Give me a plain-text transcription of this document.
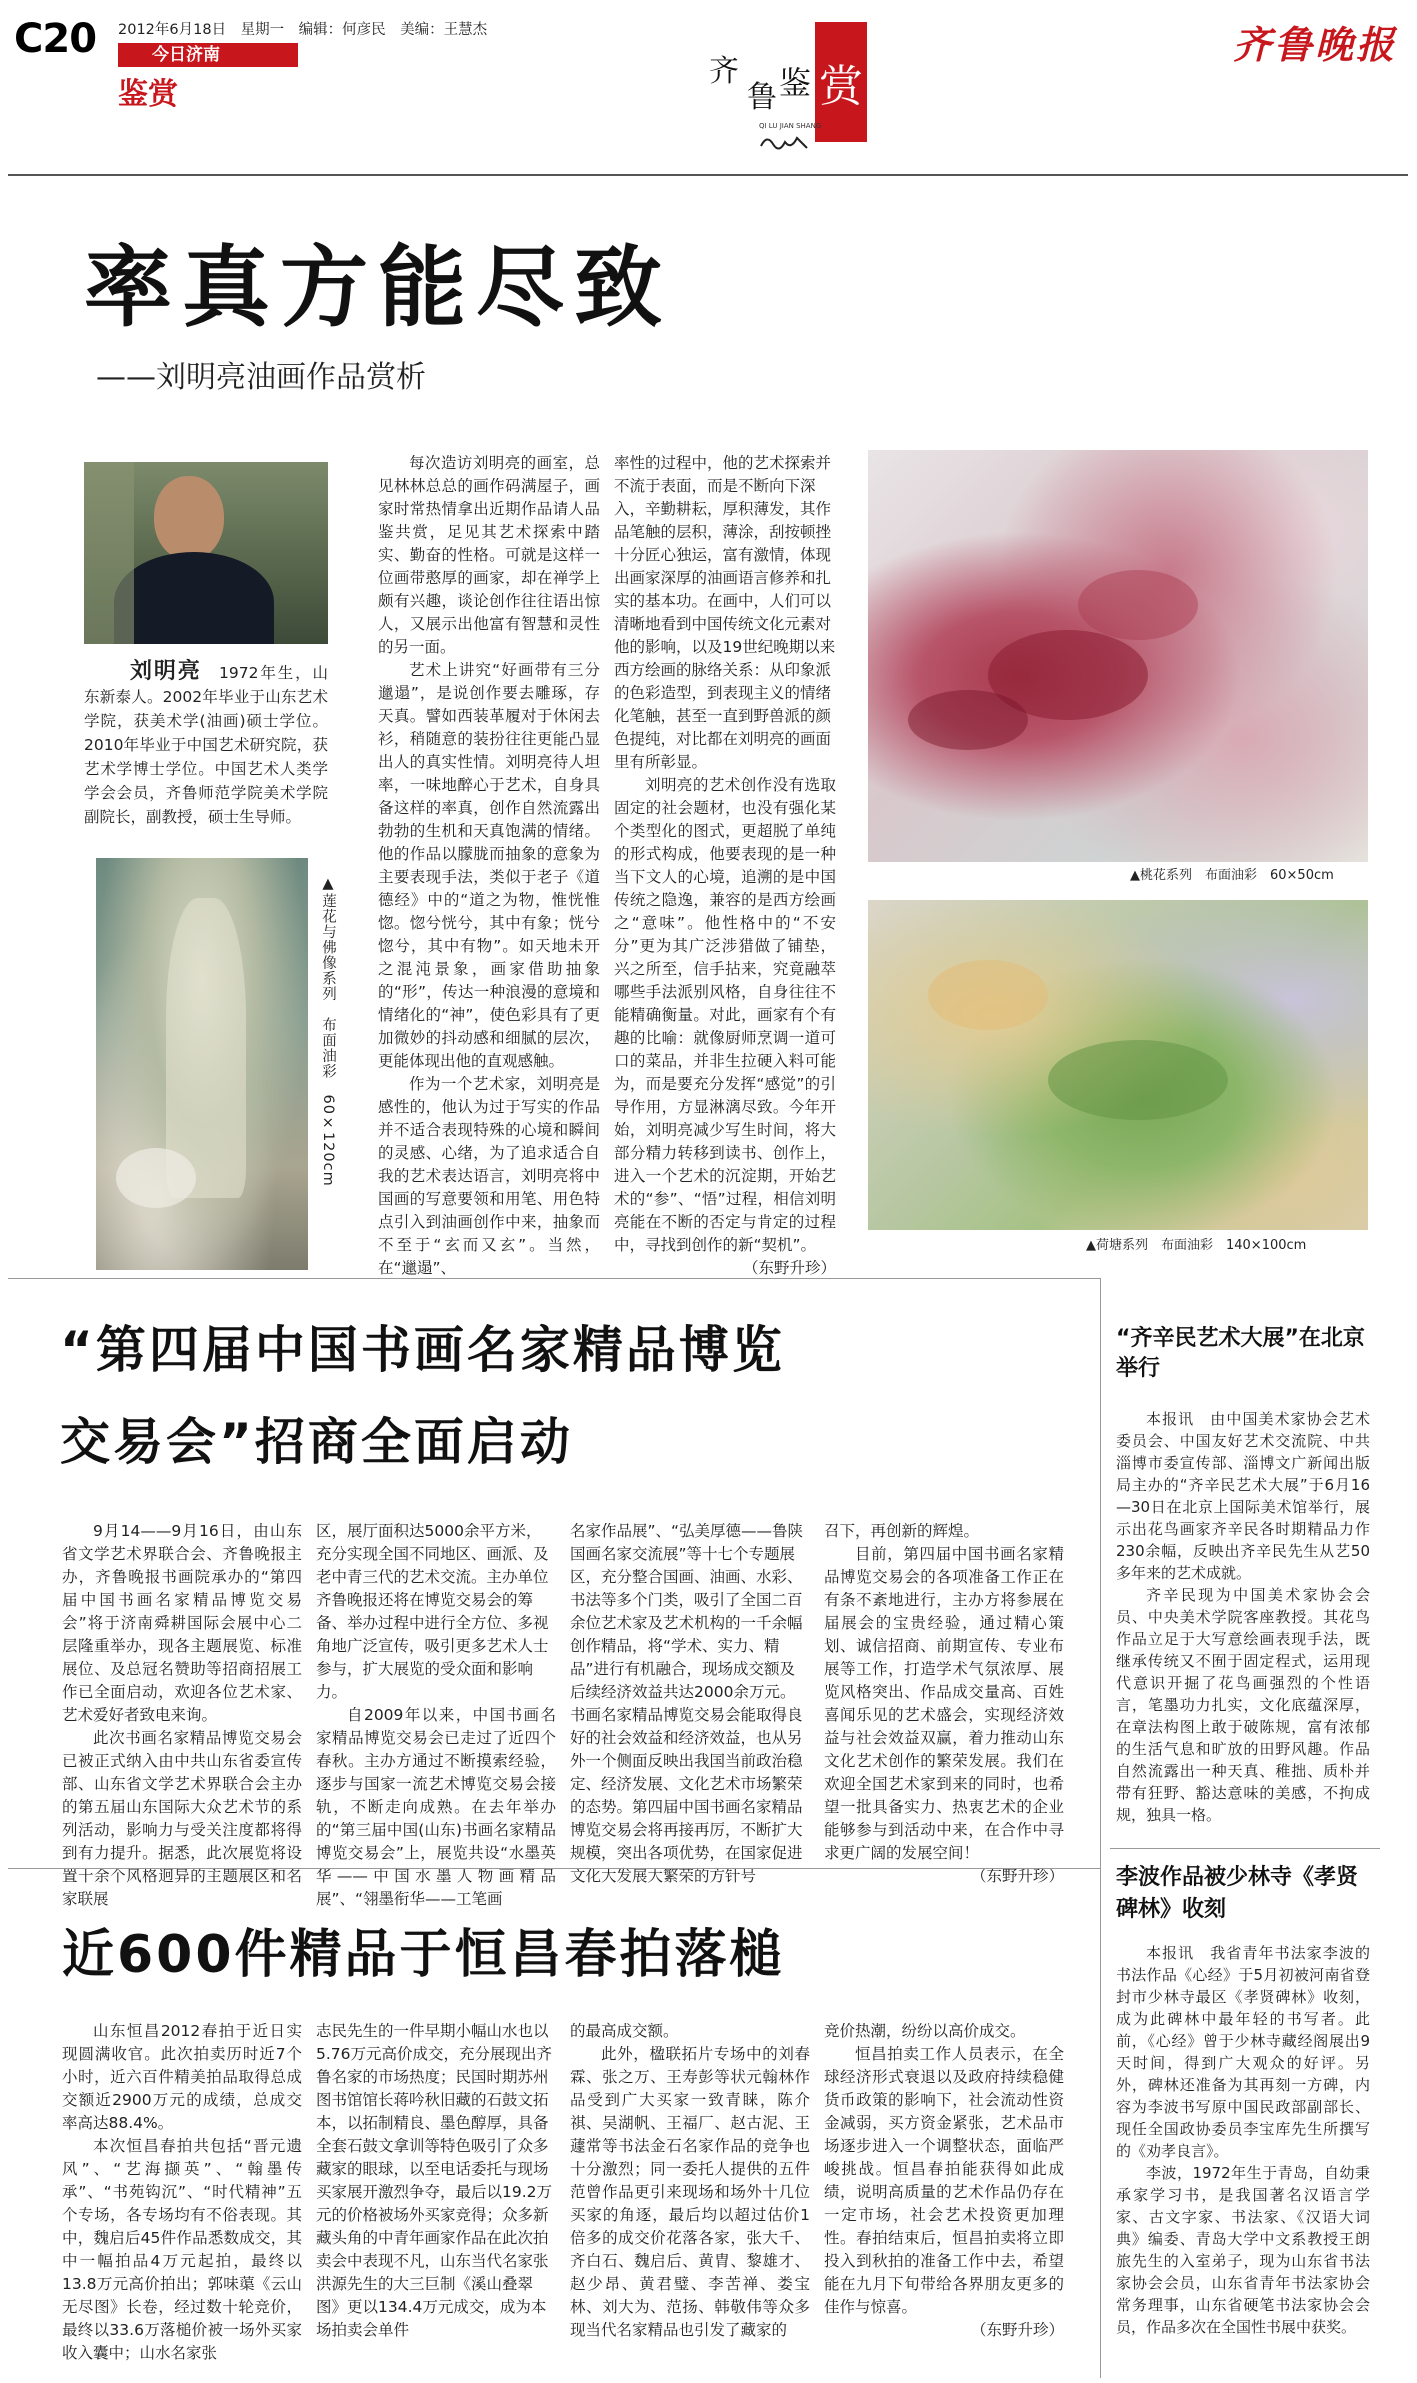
C20 2012年6月18日　星期一　编辑：何彦民　美编：王慧杰
今日济南
鉴赏
齐
鲁 鉴 赏
QI LU JIAN SHANG
齐鲁晚报
率真方能尽致
——刘明亮油画作品赏析
刘明亮　1972年生，山东新泰人。2002年毕业于山东艺术学院，获美术学(油画)硕士学位。2010年毕业于中国艺术研究院，获艺术学博士学位。中国艺术人类学学会会员，齐鲁师范学院美术学院副院长，副教授，硕士生导师。
▲莲花与佛像系列　布面油彩　60×120cm

每次造访刘明亮的画室，总见林林总总的画作码满屋子，画家时常热情拿出近期作品请人品鉴共赏，足见其艺术探索中踏实、勤奋的性格。可就是这样一位画带憨厚的画家，却在禅学上颇有兴趣，谈论创作往往语出惊人，又展示出他富有智慧和灵性的另一面。

艺术上讲究“好画带有三分邋遢”，是说创作要去雕琢，存天真。譬如西装革履对于休闲去衫，稍随意的装扮往往更能凸显出人的真实性情。刘明亮待人坦率，一味地醉心于艺术，自身具备这样的率真，创作自然流露出勃勃的生机和天真饱满的情绪。他的作品以朦胧而抽象的意象为主要表现手法，类似于老子《道德经》中的“道之为物，惟恍惟惚。惚兮恍兮，其中有象；恍兮惚兮，其中有物”。如天地未开之混沌景象，画家借助抽象的“形”，传达一种浪漫的意境和情绪化的“神”，使色彩具有了更加微妙的抖动感和细腻的层次，更能体现出他的直观感触。

作为一个艺术家，刘明亮是感性的，他认为过于写实的作品并不适合表现特殊的心境和瞬间的灵感、心绪，为了追求适合自我的艺术表达语言，刘明亮将中国画的写意要领和用笔、用色特点引入到油画创作中来，抽象而不至于“玄而又玄”。当然，在“邋遢”、

率性的过程中，他的艺术探索并不流于表面，而是不断向下深入，辛勤耕耘，厚积薄发，其作品笔触的层积，薄涂，刮按顿挫十分匠心独运，富有激情，体现出画家深厚的油画语言修养和扎实的基本功。在画中，人们可以清晰地看到中国传统文化元素对他的影响，以及19世纪晚期以来西方绘画的脉络关系：从印象派的色彩造型，到表现主义的情绪化笔触，甚至一直到野兽派的颜色提纯，对比都在刘明亮的画面里有所彰显。

刘明亮的艺术创作没有选取固定的社会题材，也没有强化某个类型化的图式，更超脱了单纯的形式构成，他要表现的是一种当下文人的心境，追溯的是中国传统之隐逸，兼容的是西方绘画之“意味”。他性格中的“不安分”更为其广泛涉猎做了铺垫，兴之所至，信手拈来，究竟融萃哪些手法派别风格，自身往往不能精确衡量。对此，画家有个有趣的比喻：就像厨师烹调一道可口的菜品，并非生拉硬入料可能为，而是要充分发挥“感觉”的引导作用，方显淋漓尽致。今年开始，刘明亮减少写生时间，将大部分精力转移到读书、创作上，进入一个艺术的沉淀期，开始艺术的“参”、“悟”过程，相信刘明亮能在不断的否定与肯定的过程中，寻找到创作的新“契机”。

（东野升珍）

▲桃花系列　布面油彩　60×50cm
▲荷塘系列　布面油彩　140×100cm
“第四届中国书画名家精品博览
交易会”招商全面启动

9月14——9月16日，由山东省文学艺术界联合会、齐鲁晚报主办，齐鲁晚报书画院承办的“第四届中国书画名家精品博览交易会”将于济南舜耕国际会展中心二层隆重举办，现各主题展览、标准展位、及总冠名赞助等招商招展工作已全面启动，欢迎各位艺术家、艺术爱好者致电来询。

此次书画名家精品博览交易会已被正式纳入由中共山东省委宣传部、山东省文学艺术界联合会主办的第五届山东国际大众艺术节的系列活动，影响力与受关注度都将得到有力提升。据悉，此次展览将设置十余个风格迥异的主题展区和名家联展

区，展厅面积达5000余平方米，充分实现全国不同地区、画派、及老中青三代的艺术交流。主办单位齐鲁晚报还将在博览交易会的筹备、举办过程中进行全方位、多视角地广泛宣传，吸引更多艺术人士参与，扩大展览的受众面和影响力。

自2009年以来，中国书画名家精品博览交易会已走过了近四个春秋。主办方通过不断摸索经验，逐步与国家一流艺术博览交易会接轨，不断走向成熟。在去年举办的“第三届中国(山东)书画名家精品博览交易会”上，展览共设“水墨英华——中国水墨人物画精品展”、“翎墨衔华——工笔画

名家作品展”、“弘美厚德——鲁陕国画名家交流展”等十七个专题展区，充分整合国画、油画、水彩、书法等多个门类，吸引了全国二百余位艺术家及艺术机构的一千余幅创作精品，将“学术、实力、精品”进行有机融合，现场成交额及后续经济效益共达2000余万元。书画名家精品博览交易会能取得良好的社会效益和经济效益，也从另外一个侧面反映出我国当前政治稳定、经济发展、文化艺术市场繁荣的态势。第四届中国书画名家精品博览交易会将再接再厉，不断扩大规模，突出各项优势，在国家促进文化大发展大繁荣的方针号

召下，再创新的辉煌。

目前，第四届中国书画名家精品博览交易会的各项准备工作正在有条不紊地进行，主办方将参展在届展会的宝贵经验，通过精心策划、诚信招商、前期宣传、专业布展等工作，打造学术气氛浓厚、展览风格突出、作品成交量高、百姓喜闻乐见的艺术盛会，实现经济效益与社会效益双赢，着力推动山东文化艺术创作的繁荣发展。我们在欢迎全国艺术家到来的同时，也希望一批具备实力、热衷艺术的企业能够参与到活动中来，在合作中寻求更广阔的发展空间！

（东野升珍）

近600件精品于恒昌春拍落槌

山东恒昌2012春拍于近日实现圆满收官。此次拍卖历时近7个小时，近六百件精美拍品取得总成交额近2900万元的成绩，总成交率高达88.4%。

本次恒昌春拍共包括“晋元遗风”、“艺海撷英”、“翰墨传承”、“书苑钩沉”、“时代精神”五个专场，各专场均有不俗表现。其中，魏启后45件作品悉数成交，其中一幅拍品4万元起拍，最终以13.8万元高价拍出；郭味蕖《云山无尽图》长卷，经过数十轮竞价，最终以33.6万落槌价被一场外买家收入囊中；山水名家张

志民先生的一件早期小幅山水也以5.76万元高价成交，充分展现出齐鲁名家的市场热度；民国时期苏州图书馆馆长蒋吟秋旧藏的石鼓文拓本，以拓制精良、墨色醇厚，具备全套石鼓文拿训等特色吸引了众多藏家的眼球，以至电话委托与现场买家展开激烈争夺，最后以19.2万元的价格被场外买家竞得；众多新藏头角的中青年画家作品在此次拍卖会中表现不凡，山东当代名家张洪源先生的大三巨制《溪山叠翠图》更以134.4万元成交，成为本场拍卖会单件

的最高成交额。

此外，楹联拓片专场中的刘春霖、张之万、王寿彭等状元翰林作品受到广大买家一致青睐，陈介祺、吴湖帆、王福厂、赵古泥、王蘧常等书法金石名家作品的竞争也十分激烈；同一委托人提供的五件范曾作品更引来现场和场外十几位买家的角逐，最后均以超过估价1倍多的成交价花落各家，张大千、齐白石、魏启后、黄胄、黎雄才、赵少昂、黄君璧、李苦禅、娄宝林、刘大为、范扬、韩敬伟等众多现当代名家精品也引发了藏家的

竞价热潮，纷纷以高价成交。

恒昌拍卖工作人员表示，在全球经济形式衰退以及政府持续稳健货币政策的影响下，社会流动性资金减弱，买方资金紧张，艺术品市场逐步进入一个调整状态，面临严峻挑战。恒昌春拍能获得如此成绩，说明高质量的艺术作品仍存在一定市场，社会艺术投资更加理性。春拍结束后，恒昌拍卖将立即投入到秋拍的准备工作中去，希望能在九月下旬带给各界朋友更多的佳作与惊喜。

（东野升珍）

“齐辛民艺术大展”在北京举行

本报讯　由中国美术家协会艺术委员会、中国友好艺术交流院、中共淄博市委宣传部、淄博文广新闻出版局主办的“齐辛民艺术大展”于6月16—30日在北京上国际美术馆举行，展示出花鸟画家齐辛民各时期精品力作230余幅，反映出齐辛民先生从艺50多年来的艺术成就。

齐辛民现为中国美术家协会会员、中央美术学院客座教授。其花鸟作品立足于大写意绘画表现手法，既继承传统又不囿于固定程式，运用现代意识开掘了花鸟画强烈的个性语言，笔墨功力扎实，文化底蕴深厚，在章法构图上敢于破陈规，富有浓郁的生活气息和旷放的田野风趣。作品自然流露出一种天真、稚拙、质朴并带有狂野、豁达意味的美感，不拘成规，独具一格。

李波作品被少林寺《孝贤碑林》收刻

本报讯　我省青年书法家李波的书法作品《心经》于5月初被河南省登封市少林寺最区《孝贤碑林》收刻，成为此碑林中最年轻的书写者。此前，《心经》曾于少林寺藏经阁展出9天时间，得到广大观众的好评。另外，碑林还准备为其再刻一方碑，内容为李波书写原中国民政部副部长、现任全国政协委员李宝库先生所撰写的《劝孝良言》。

李波，1972年生于青岛，自幼秉承家学习书，是我国著名汉语言学家、古文字家、书法家、《汉语大词典》编委、青岛大学中文系教授王朗旅先生的入室弟子，现为山东省书法家协会会员，山东省青年书法家协会常务理事，山东省硬笔书法家协会会员，作品多次在全国性书展中获奖。
